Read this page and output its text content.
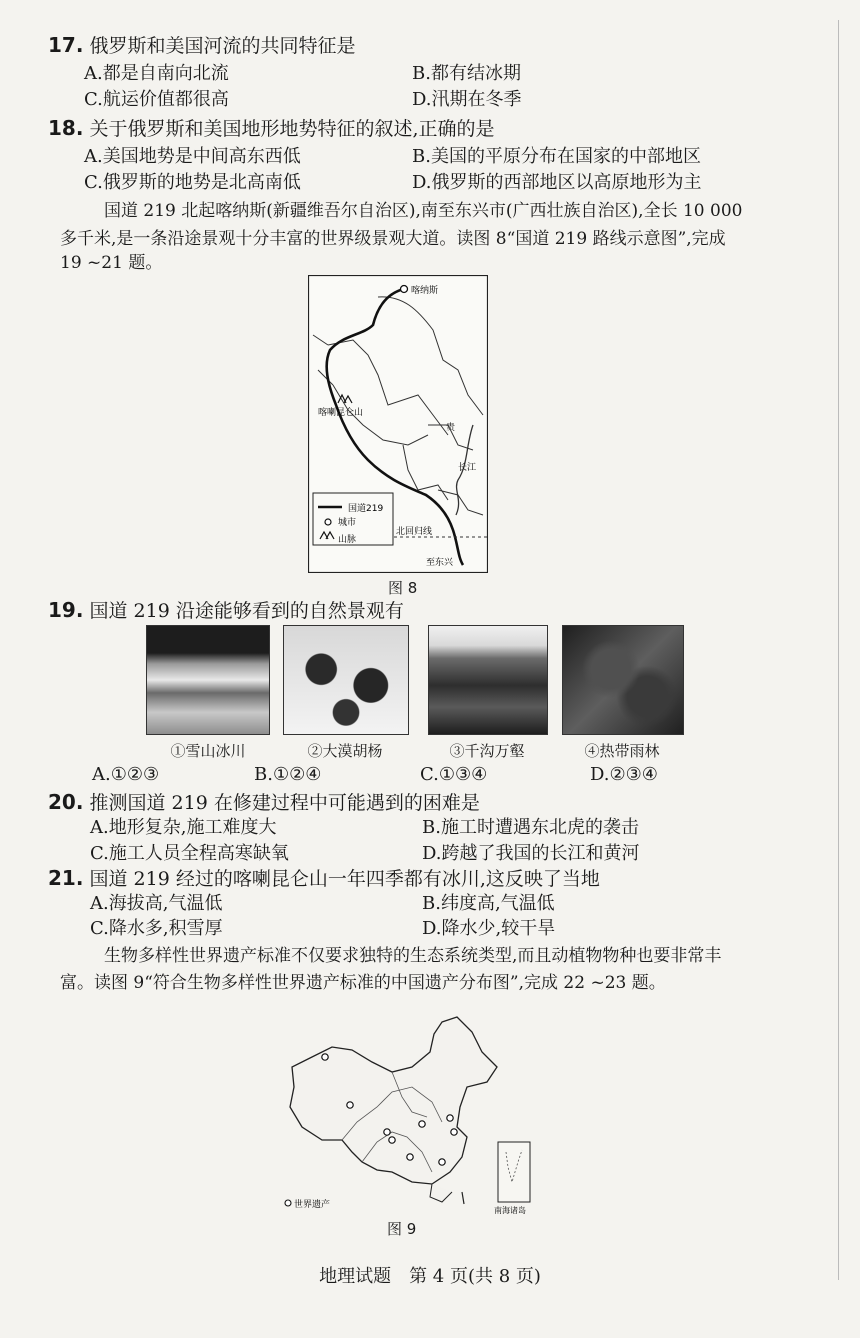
17. 俄罗斯和美国河流的共同特征是
A.都是自南向北流	B.都有结冰期
C.航运价值都很高	D.汛期在冬季
18. 关于俄罗斯和美国地形地势特征的叙述,正确的是
A.美国地势是中间高东西低	B.美国的平原分布在国家的中部地区
C.俄罗斯的地势是北高南低	D.俄罗斯的西部地区以高原地形为主
国道 219 北起喀纳斯(新疆维吾尔自治区),南至东兴市(广西壮族自治区),全长 10 000
多千米,是一条沿途景观十分丰富的世界级景观大道。读图 8“国道 219 路线示意图”,完成
19 ~21 题。
国道219
城市
山脉
喀纳斯
喀喇昆仑山
贵
长江
北回归线
至东兴
图 8
19. 国道 219 沿途能够看到的自然景观有
①雪山冰川	②大漠胡杨	③千沟万壑	④热带雨林
A.①②③	B.①②④	C.①③④	D.②③④
20. 推测国道 219 在修建过程中可能遇到的困难是
A.地形复杂,施工难度大	B.施工时遭遇东北虎的袭击
C.施工人员全程高寒缺氧	D.跨越了我国的长江和黄河
21. 国道 219 经过的喀喇昆仑山一年四季都有冰川,这反映了当地
A.海拔高,气温低	B.纬度高,气温低
C.降水多,积雪厚	D.降水少,较干旱
生物多样性世界遗产标准不仅要求独特的生态系统类型,而且动植物物种也要非常丰
富。读图 9“符合生物多样性世界遗产标准的中国遗产分布图”,完成 22 ~23 题。
南海诸岛
世界遗产
图 9
地理试题　第 4 页(共 8 页)
